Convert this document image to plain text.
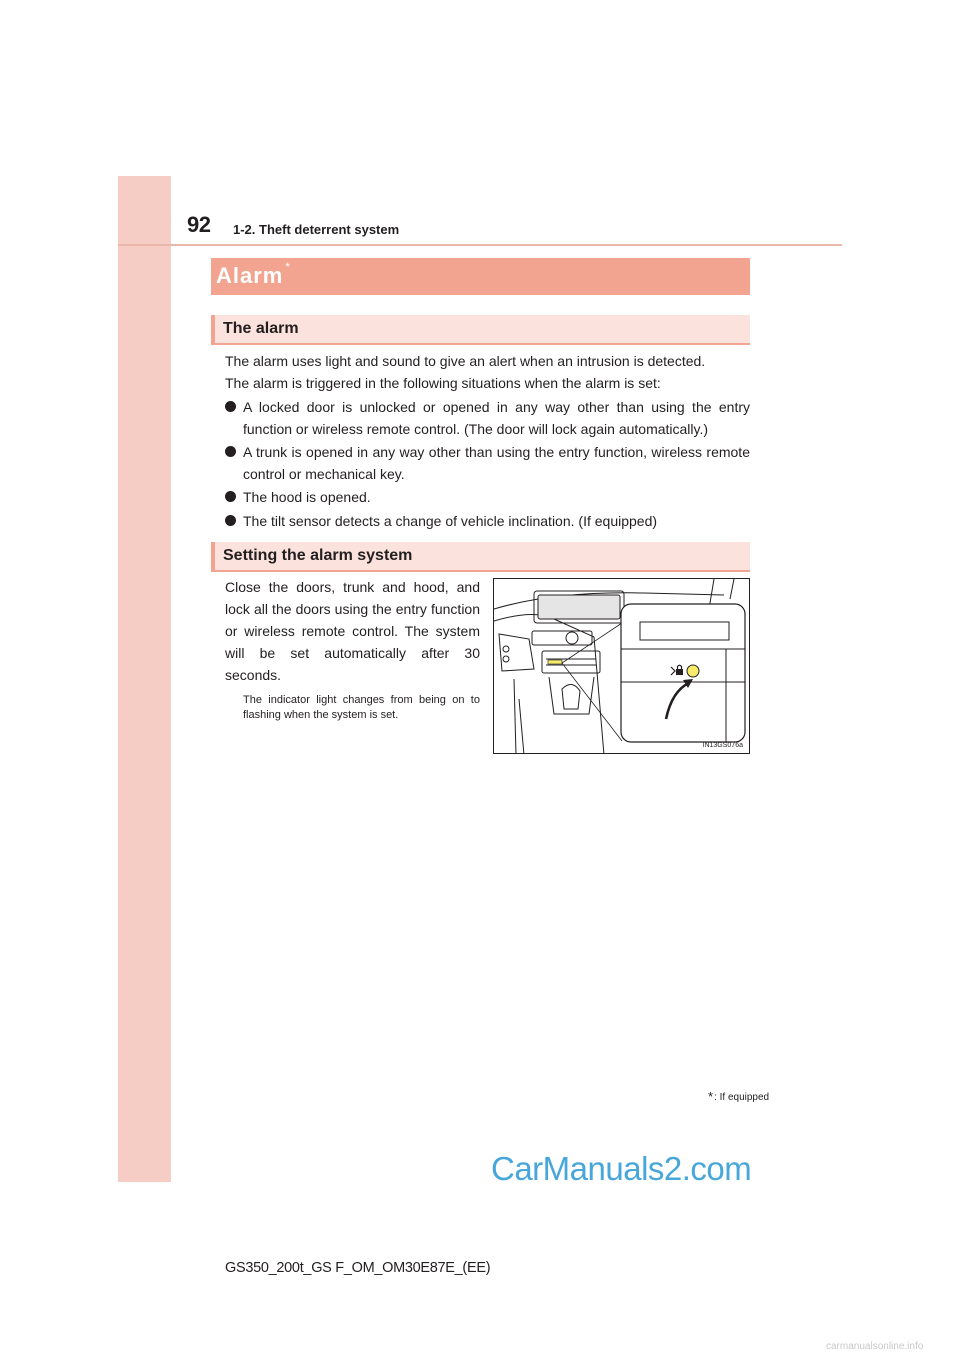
92 1-2. Theft deterrent system
Alarm *
The alarm
The alarm uses light and sound to give an alert when an intrusion is detected.
The alarm is triggered in the following situations when the alarm is set:
A locked door is unlocked or opened in any way other than using the entry function or wireless remote control. (The door will lock again automatically.)
A trunk is opened in any way other than using the entry function, wireless remote control or mechanical key.
The hood is opened.
The tilt sensor detects a change of vehicle inclination. (If equipped)
Setting the alarm system
Close the doors, trunk and hood, and lock all the doors using the entry function or wireless remote control. The system will be set automatically after 30 seconds.
The indicator light changes from being on to flashing when the system is set.
IN13GS076a
*: If equipped
CarManuals2.com
GS350_200t_GS F_OM_OM30E87E_(EE)
carmanualsonline.info
